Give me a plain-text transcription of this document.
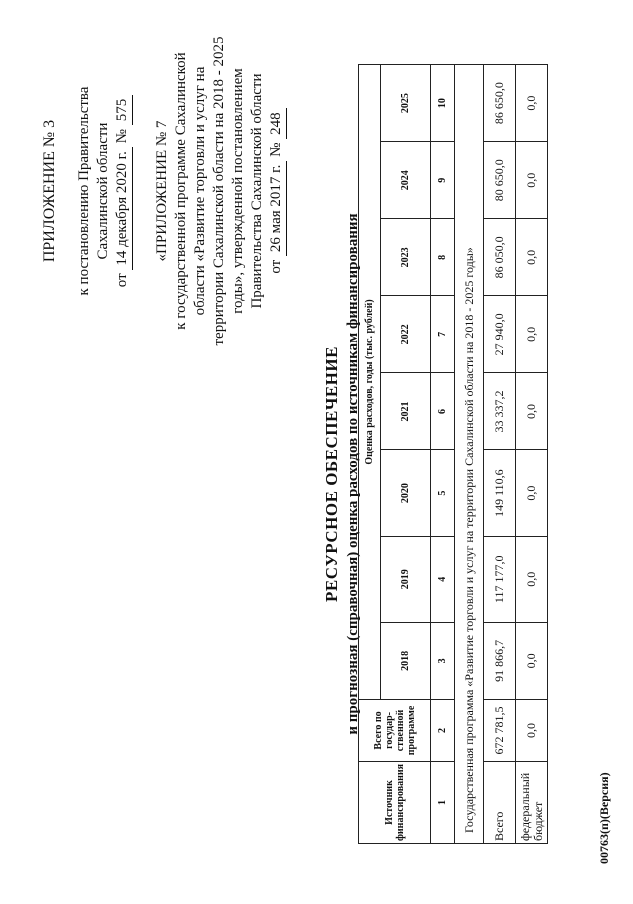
ПРИЛОЖЕНИЕ № 3 к постановлению Правительства Сахалинской области
от 14 декабря 2020 г. № 575
«ПРИЛОЖЕНИЕ № 7 к государственной программе Сахалинской области «Развитие торговли и услуг на территории Сахалинской области на 2018 - 2025 годы», утвержденной постановлением Правительства Сахалинской области от 26 мая 2017 г. № 248
РЕСУРСНОЕ ОБЕСПЕЧЕНИЕ и прогнозная (справочная) оценка расходов по источникам финансирования
Источник финансирования	Всего по государ-ственной программе	Оценка расходов, годы (тыс. рублей)							
		2018	2019	2020	2021	2022	2023	2024	2025
1	2	3	4	5	6	7	8	9	10
Государственная программа «Развитие торговли и услуг на территории Сахалинской области на 2018 - 2025 годы»									
Всего	672 781,5	91 866,7	117 177,0	149 110,6	33 337,2	27 940,0	86 050,0	80 650,0	86 650,0
федеральный бюджет	0,0	0,0	0,0	0,0	0,0	0,0	0,0	0,0	0,0
00763(п)(Версия)
